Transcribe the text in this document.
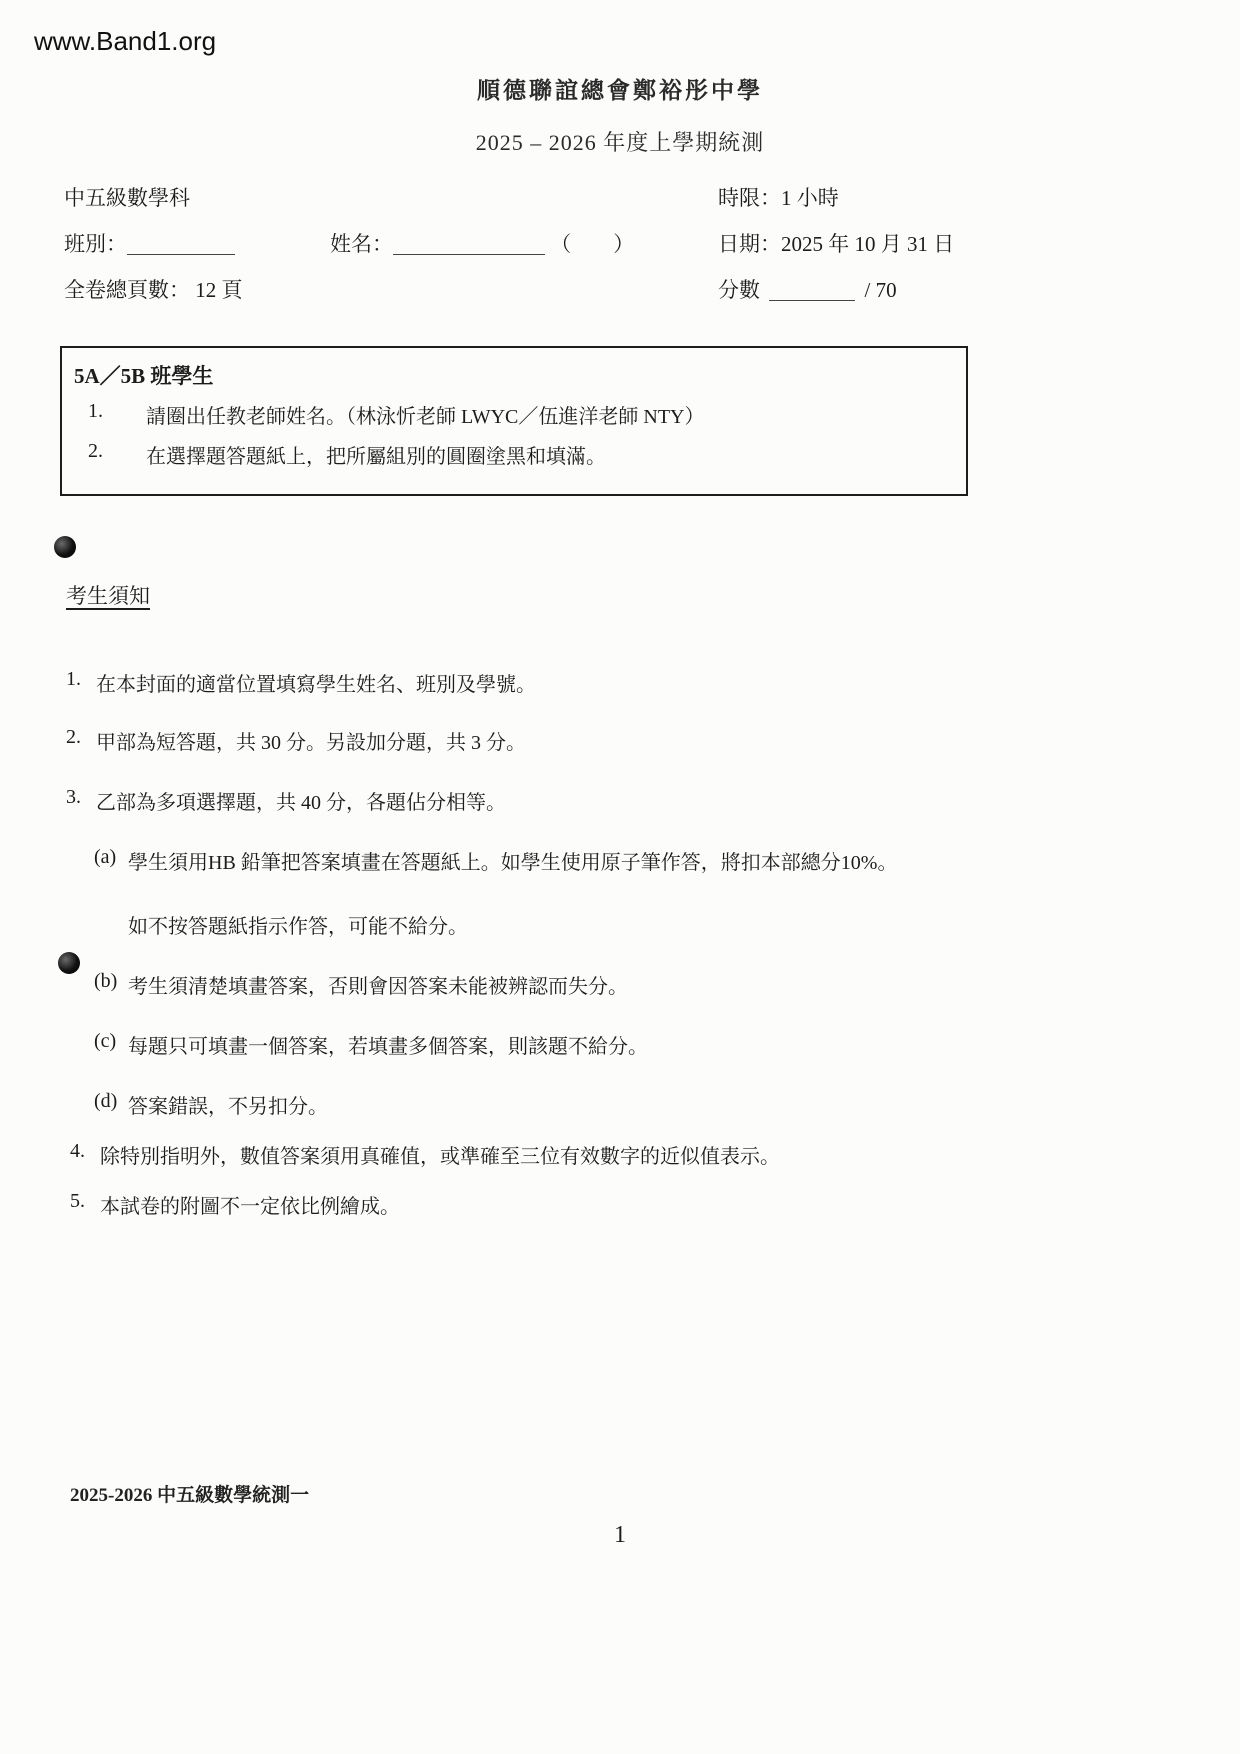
www.Band1.org
順德聯誼總會鄭裕彤中學
2025 – 2026 年度上學期統測
中五級數學科	時限：1 小時
班別：	姓名：	（　　）	日期：2025 年 10 月 31 日
全卷總頁數： 12 頁	分數	/ 70
5A／5B 班學生
1.	請圈出任教老師姓名。（林泳忻老師 LWYC／伍進洋老師 NTY）
2.	在選擇題答題紙上，把所屬組別的圓圈塗黑和填滿。
考生須知
1. 在本封面的適當位置填寫學生姓名、班別及學號。
2. 甲部為短答題，共 30 分。另設加分題，共 3 分。
3. 乙部為多項選擇題，共 40 分，各題佔分相等。
(a) 學生須用HB 鉛筆把答案填畫在答題紙上。如學生使用原子筆作答，將扣本部總分10%。
如不按答題紙指示作答，可能不給分。
(b) 考生須清楚填畫答案，否則會因答案未能被辨認而失分。
(c) 每題只可填畫一個答案，若填畫多個答案，則該題不給分。
(d) 答案錯誤，不另扣分。
4. 除特別指明外，數值答案須用真確值，或準確至三位有效數字的近似值表示。
5. 本試卷的附圖不一定依比例繪成。
2025-2026 中五級數學統測一
1
